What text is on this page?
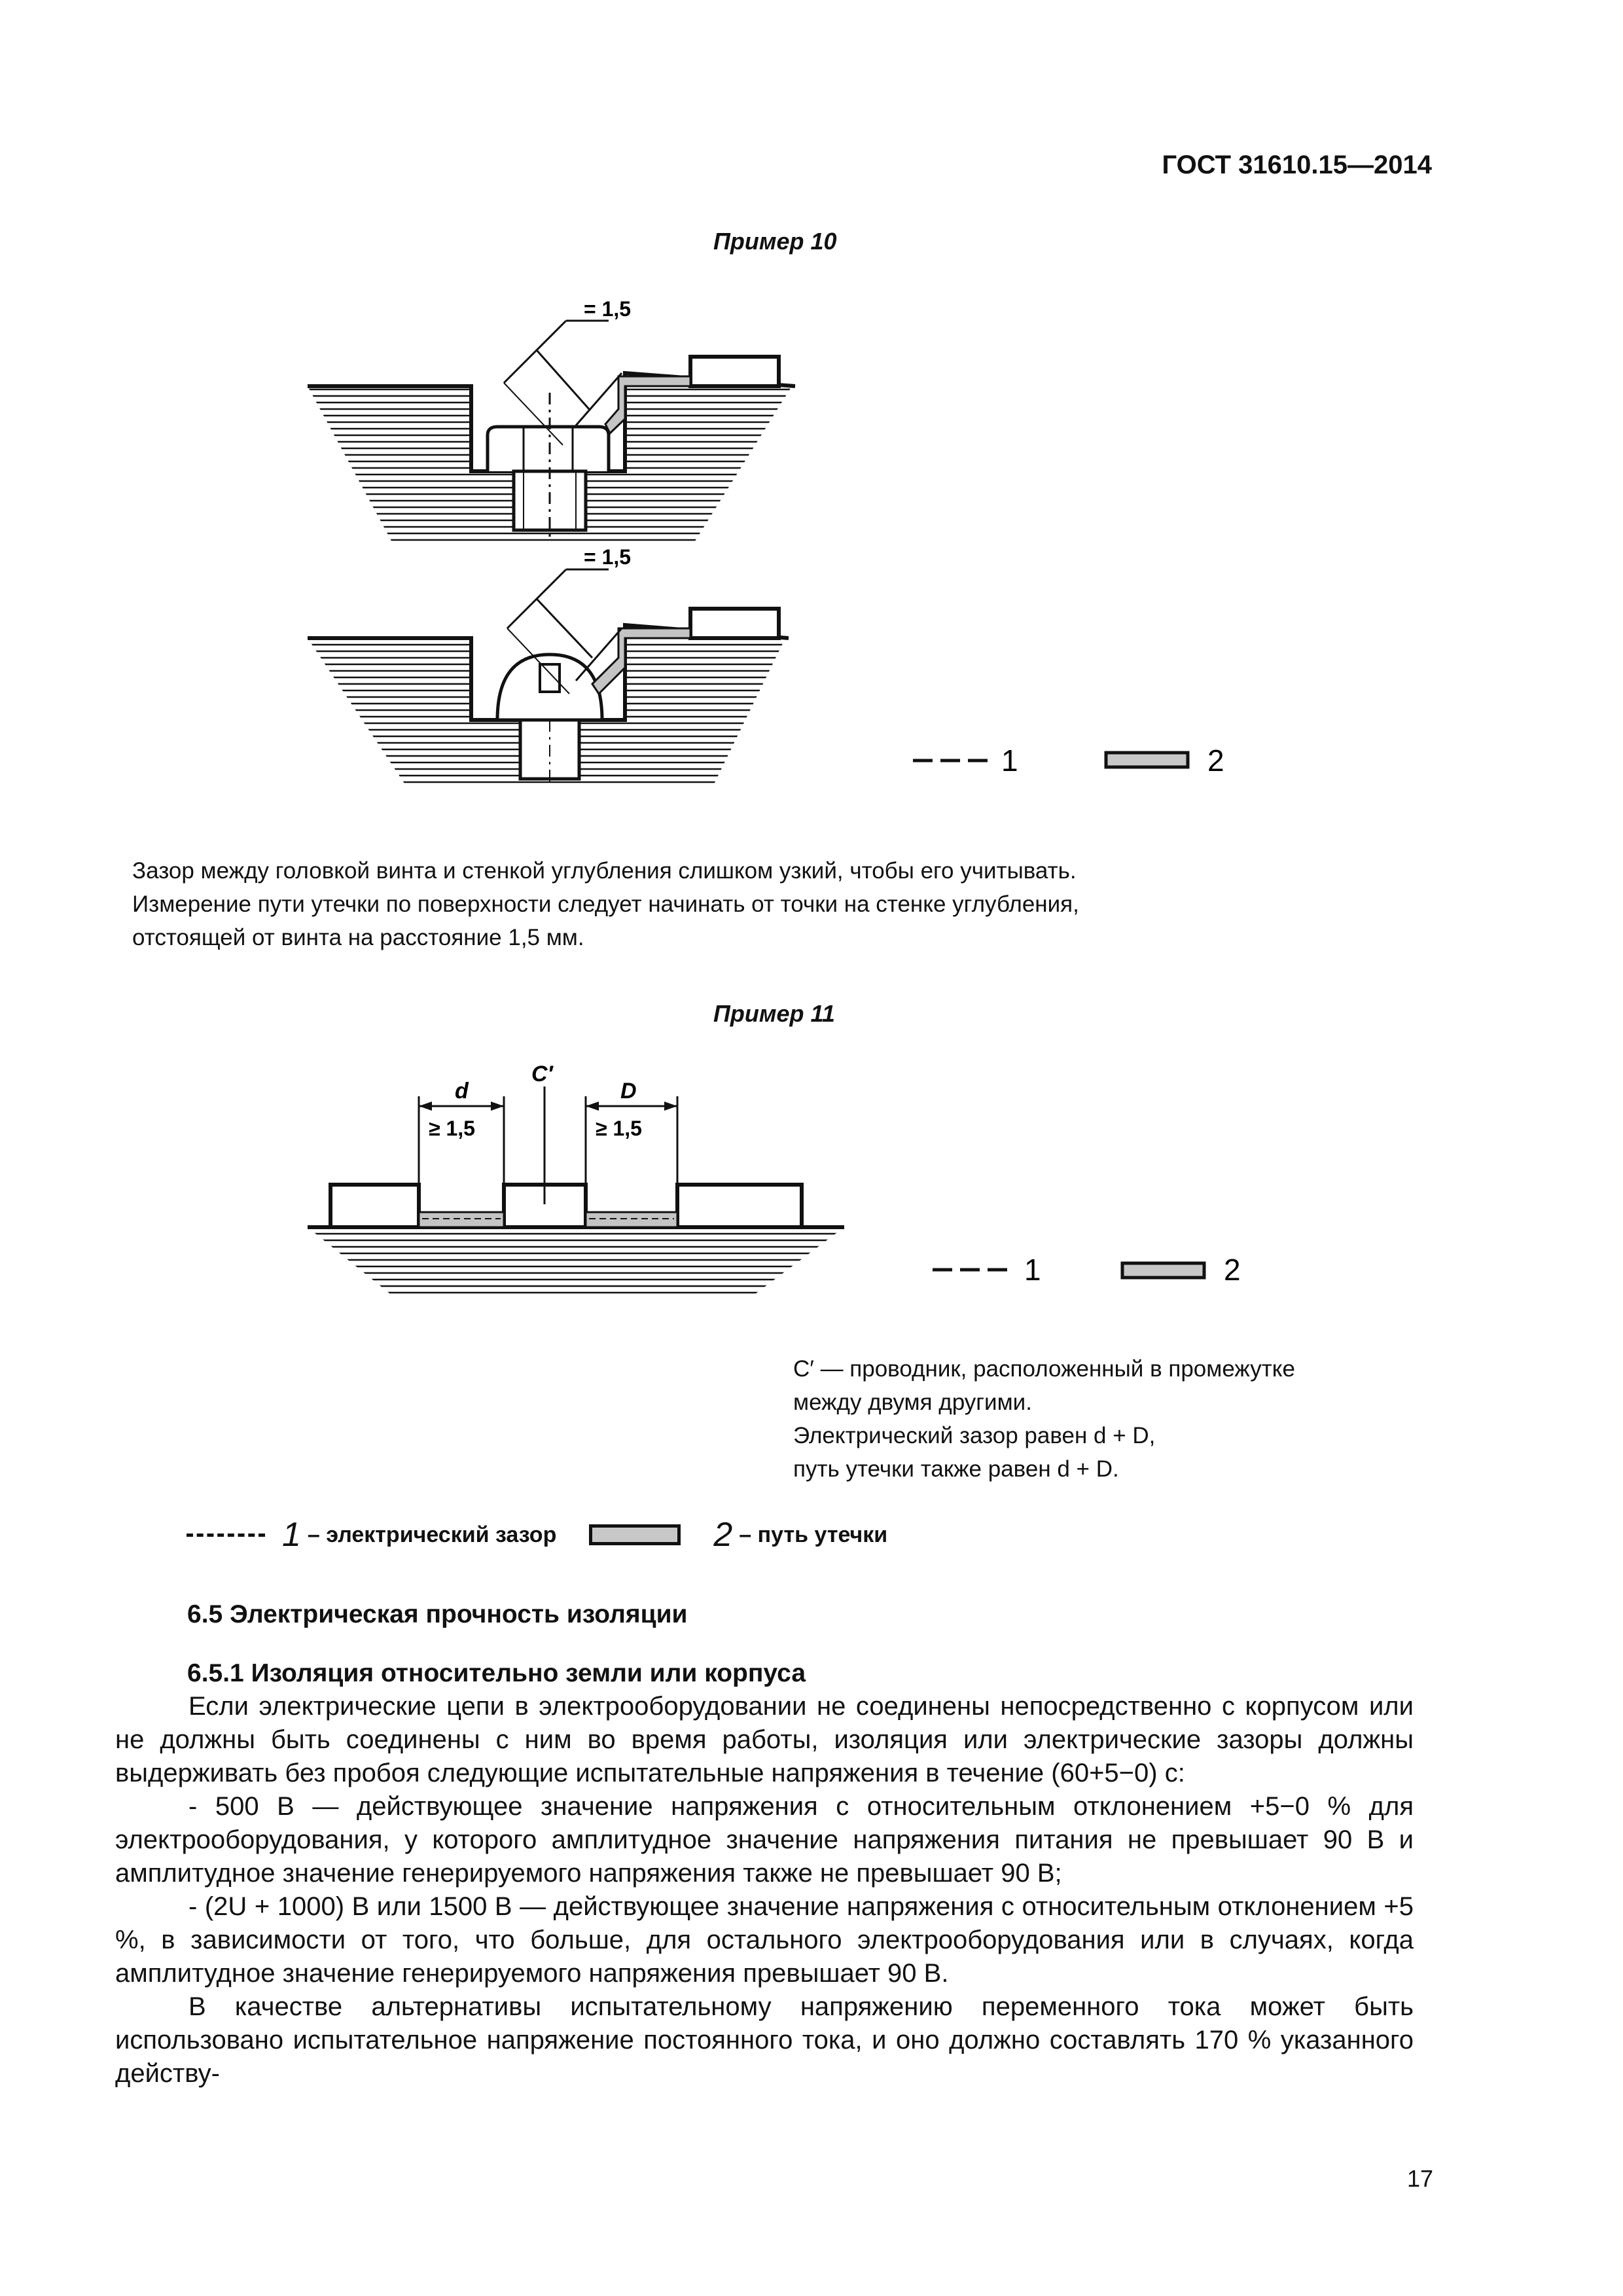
ГОСТ 31610.15—2014
Пример 10
= 1,5
= 1,5
1	2
Зазор между головкой винта и стенкой углубления слишком узкий, чтобы его учитывать.
Измерение пути утечки по поверхности следует начинать от точки на стенке углубления,
отстоящей от винта на расстояние 1,5 мм.
Пример 11
d	D
C′
≥ 1,5	≥ 1,5
1	2
C′ — проводник, расположенный в промежутке
между двумя другими.
Электрический зазор равен d + D,
путь утечки также равен d + D.
1 – электрический зазор	2 – путь утечки
6.5 Электрическая прочность изоляции
6.5.1 Изоляция относительно земли или корпуса

Если электрические цепи в электрооборудовании не соединены непосредственно с корпусом или не должны быть соединены с ним во время работы, изоляция или электрические зазоры должны выдерживать без пробоя следующие испытательные напряжения в течение (60+5−0) с:

- 500 В — действующее значение напряжения с относительным отклонением +5−0 % для электрооборудования, у которого амплитудное значение напряжения питания не превышает 90 В и амплитудное значение генерируемого напряжения также не превышает 90 В;

- (2U + 1000) В или 1500 В — действующее значение напряжения с относительным отклонением +5 %, в зависимости от того, что больше, для остального электрооборудования или в случаях, когда амплитудное значение генерируемого напряжения превышает 90 В.

В качестве альтернативы испытательному напряжению переменного тока может быть использовано испытательное напряжение постоянного тока, и оно должно составлять 170 % указанного действу-

17
